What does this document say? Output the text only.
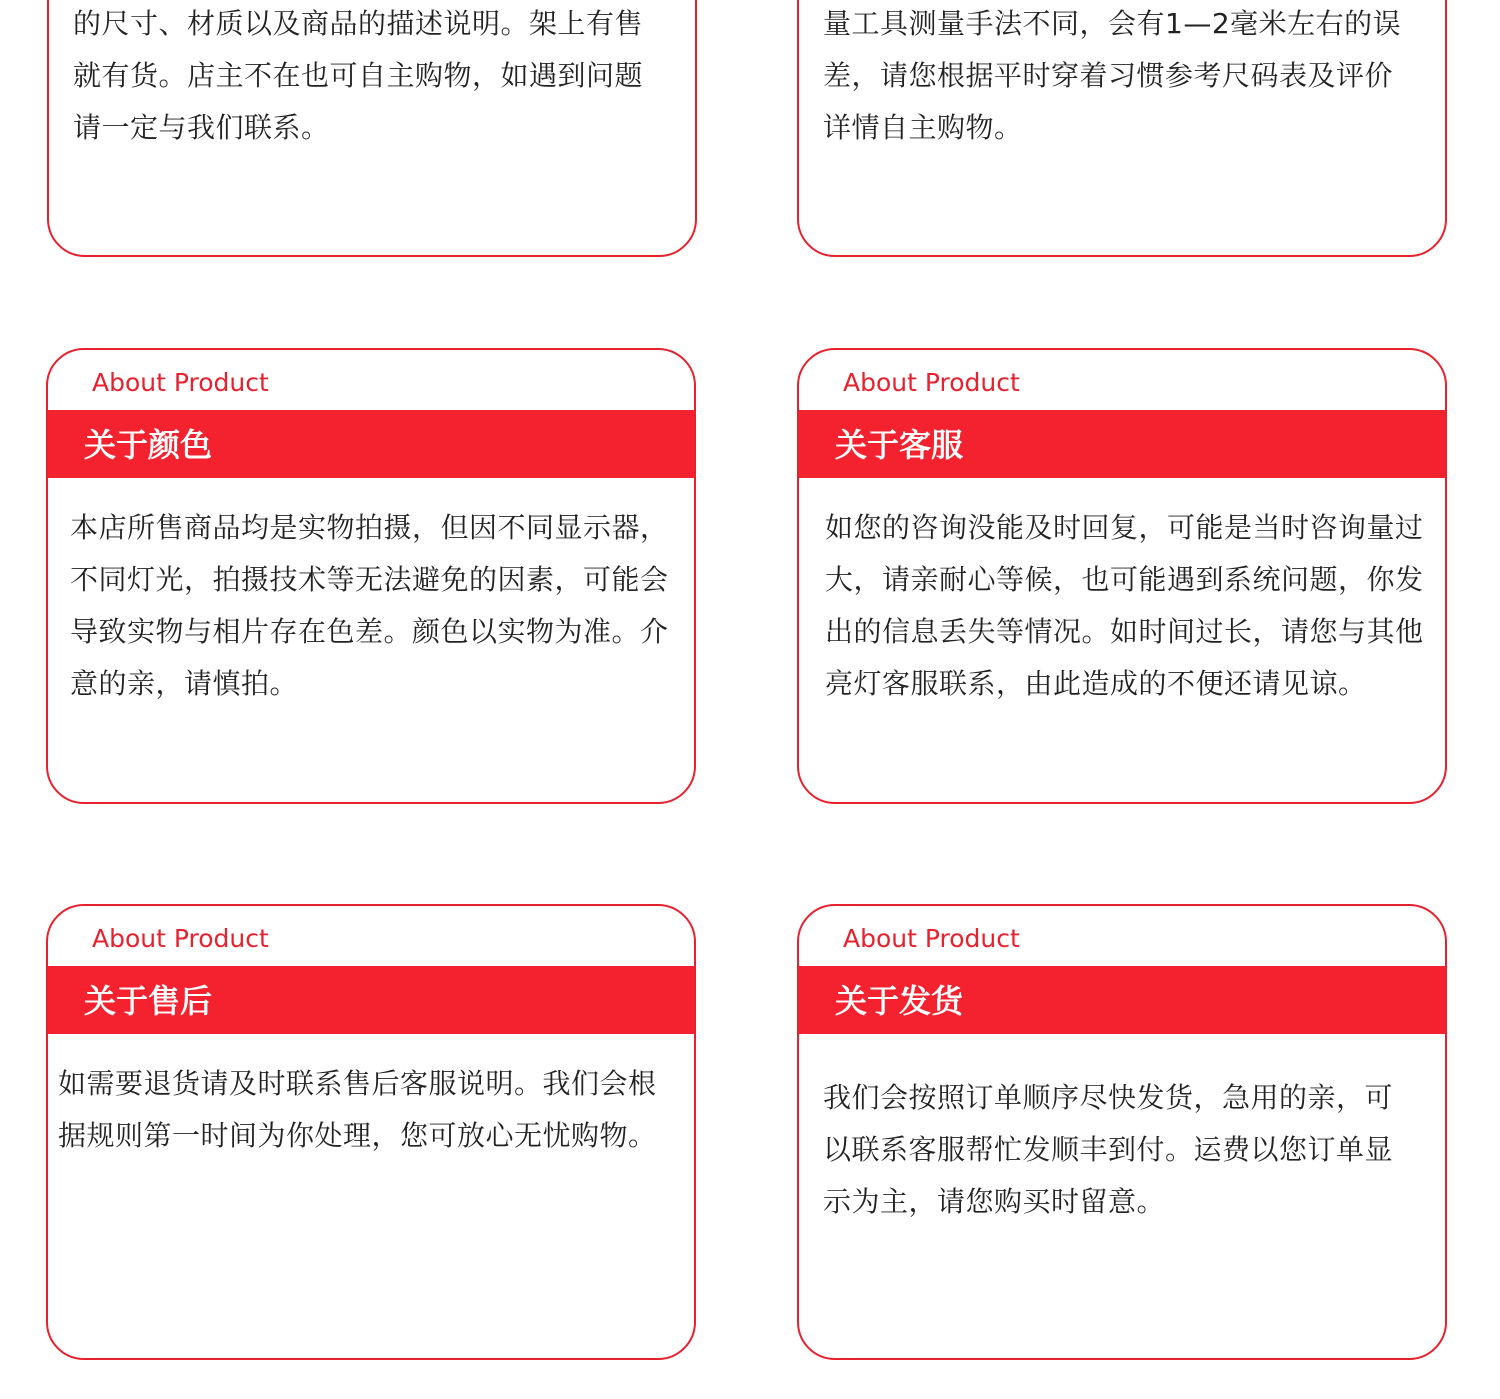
的尺寸、材质以及商品的描述说明。架上有售就有货。店主不在也可自主购物，如遇到问题请一定与我们联系。

量工具测量手法不同，会有1—2毫米左右的误差，请您根据平时穿着习惯参考尺码表及评价详情自主购物。

About Product
关于颜色

本店所售商品均是实物拍摄，但因不同显示器，不同灯光，拍摄技术等无法避免的因素，可能会导致实物与相片存在色差。颜色以实物为准。介意的亲，请慎拍。

About Product
关于客服

如您的咨询没能及时回复，可能是当时咨询量过大，请亲耐心等候，也可能遇到系统问题，你发出的信息丢失等情况。如时间过长，请您与其他亮灯客服联系，由此造成的不便还请见谅。

About Product
关于售后

如需要退货请及时联系售后客服说明。我们会根据规则第一时间为你处理，您可放心无忧购物。

About Product
关于发货

我们会按照订单顺序尽快发货，急用的亲，可以联系客服帮忙发顺丰到付。运费以您订单显示为主，请您购买时留意。
